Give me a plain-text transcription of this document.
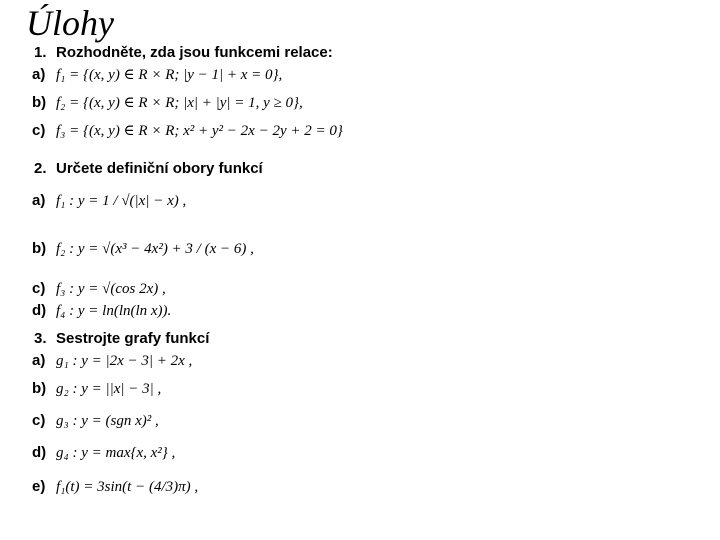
Úlohy
1. Rozhodněte, zda jsou funkcemi relace:
a) f₁ = {(x, y) ∈ R × R; |y − 1| + x = 0},
b) f₂ = {(x, y) ∈ R × R; |x| + |y| = 1, y ≥ 0},
c) f₃ = {(x, y) ∈ R × R; x² + y² − 2x − 2y + 2 = 0}
2. Určete definiční obory funkcí
a) f₁ : y = 1 / √(|x| − x) ,
b) f₂ : y = √(x³ − 4x²) + 3 / (x − 6) ,
c) f₃ : y = √(cos 2x) ,
d) f₄ : y = ln(ln(ln x)).
3. Sestrojte grafy funkcí
a) g₁ : y = |2x − 3| + 2x ,
b) g₂ : y = ||x| − 3| ,
c) g₃ : y = (sgn x)² ,
d) g₄ : y = max{x, x²} ,
e) f₁(t) = 3sin(t − (4/3)π) ,
